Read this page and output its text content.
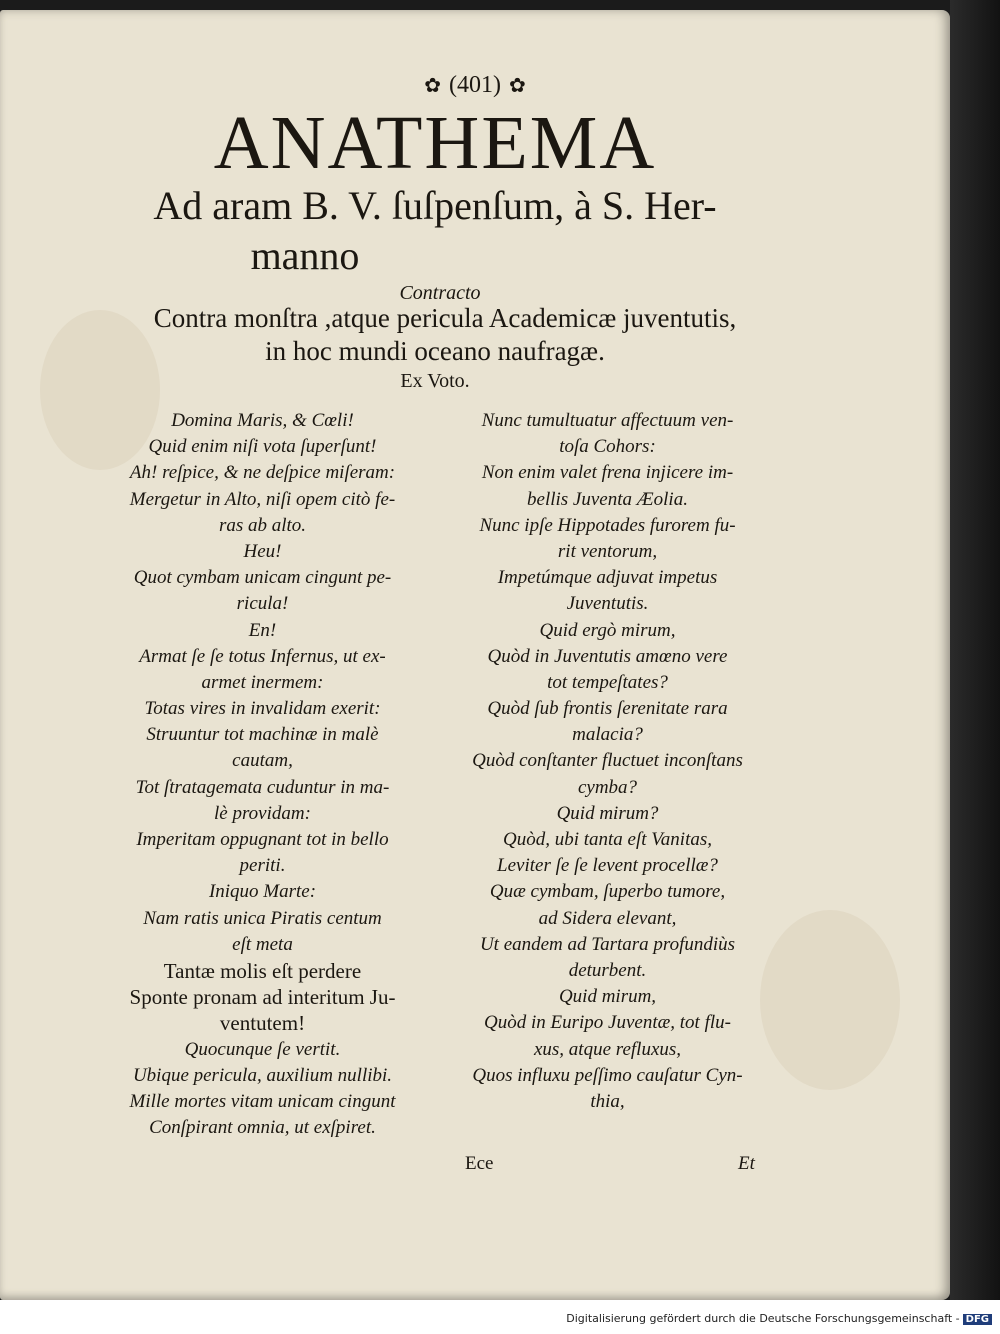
✿ (401) ✿
ANATHEMA
Ad aram B. V. ſuſpenſum, à S. Her-
manno
Contracto
Contra monſtra ,atque pericula Academicæ juventutis,
in hoc mundi oceano naufragæ.
Ex Voto.
Domina Maris, & Cœli!
Quid enim niſi vota ſuperſunt!
Ah! reſpice, & ne deſpice miſeram:
Mergetur in Alto, niſi opem citò fe-
ras ab alto.
Heu!
Quot cymbam unicam cingunt pe-
ricula!
En!
Armat ſe ſe totus Infernus, ut ex-
armet inermem:
Totas vires in invalidam exerit:
Struuntur tot machinæ in malè
cautam,
Tot ſtratagemata cuduntur in ma-
lè providam:
Imperitam oppugnant tot in bello
periti.
Iniquo Marte:
Nam ratis unica Piratis centum
eſt meta
Tantæ molis eſt perdere
Sponte pronam ad interitum Ju-
ventutem!
Quocunque ſe vertit.
Ubique pericula, auxilium nullibi.
Mille mortes vitam unicam cingunt
Conſpirant omnia, ut exſpiret.
Nunc tumultuatur affectuum ven-
toſa Cohors:
Non enim valet frena injicere im-
bellis Juventa Æolia.
Nunc ipſe Hippotades furorem fu-
rit ventorum,
Impetúmque adjuvat impetus
Juventutis.
Quid ergò mirum,
Quòd in Juventutis amœno vere
tot tempeſtates?
Quòd ſub frontis ſerenitate rara
malacia?
Quòd conſtanter fluctuet inconſtans
cymba?
Quid mirum?
Quòd, ubi tanta eſt Vanitas,
Leviter ſe ſe levent procellæ?
Quæ cymbam, ſuperbo tumore,
ad Sidera elevant,
Ut eandem ad Tartara profundiùs
deturbent.
Quid mirum,
Quòd in Euripo Juventæ, tot flu-
xus, atque refluxus,
Quos influxu peſſimo cauſatur Cyn-
thia,
Ece	Et
Digitalisierung gefördert durch die Deutsche Forschungsgemeinschaft - DFG
